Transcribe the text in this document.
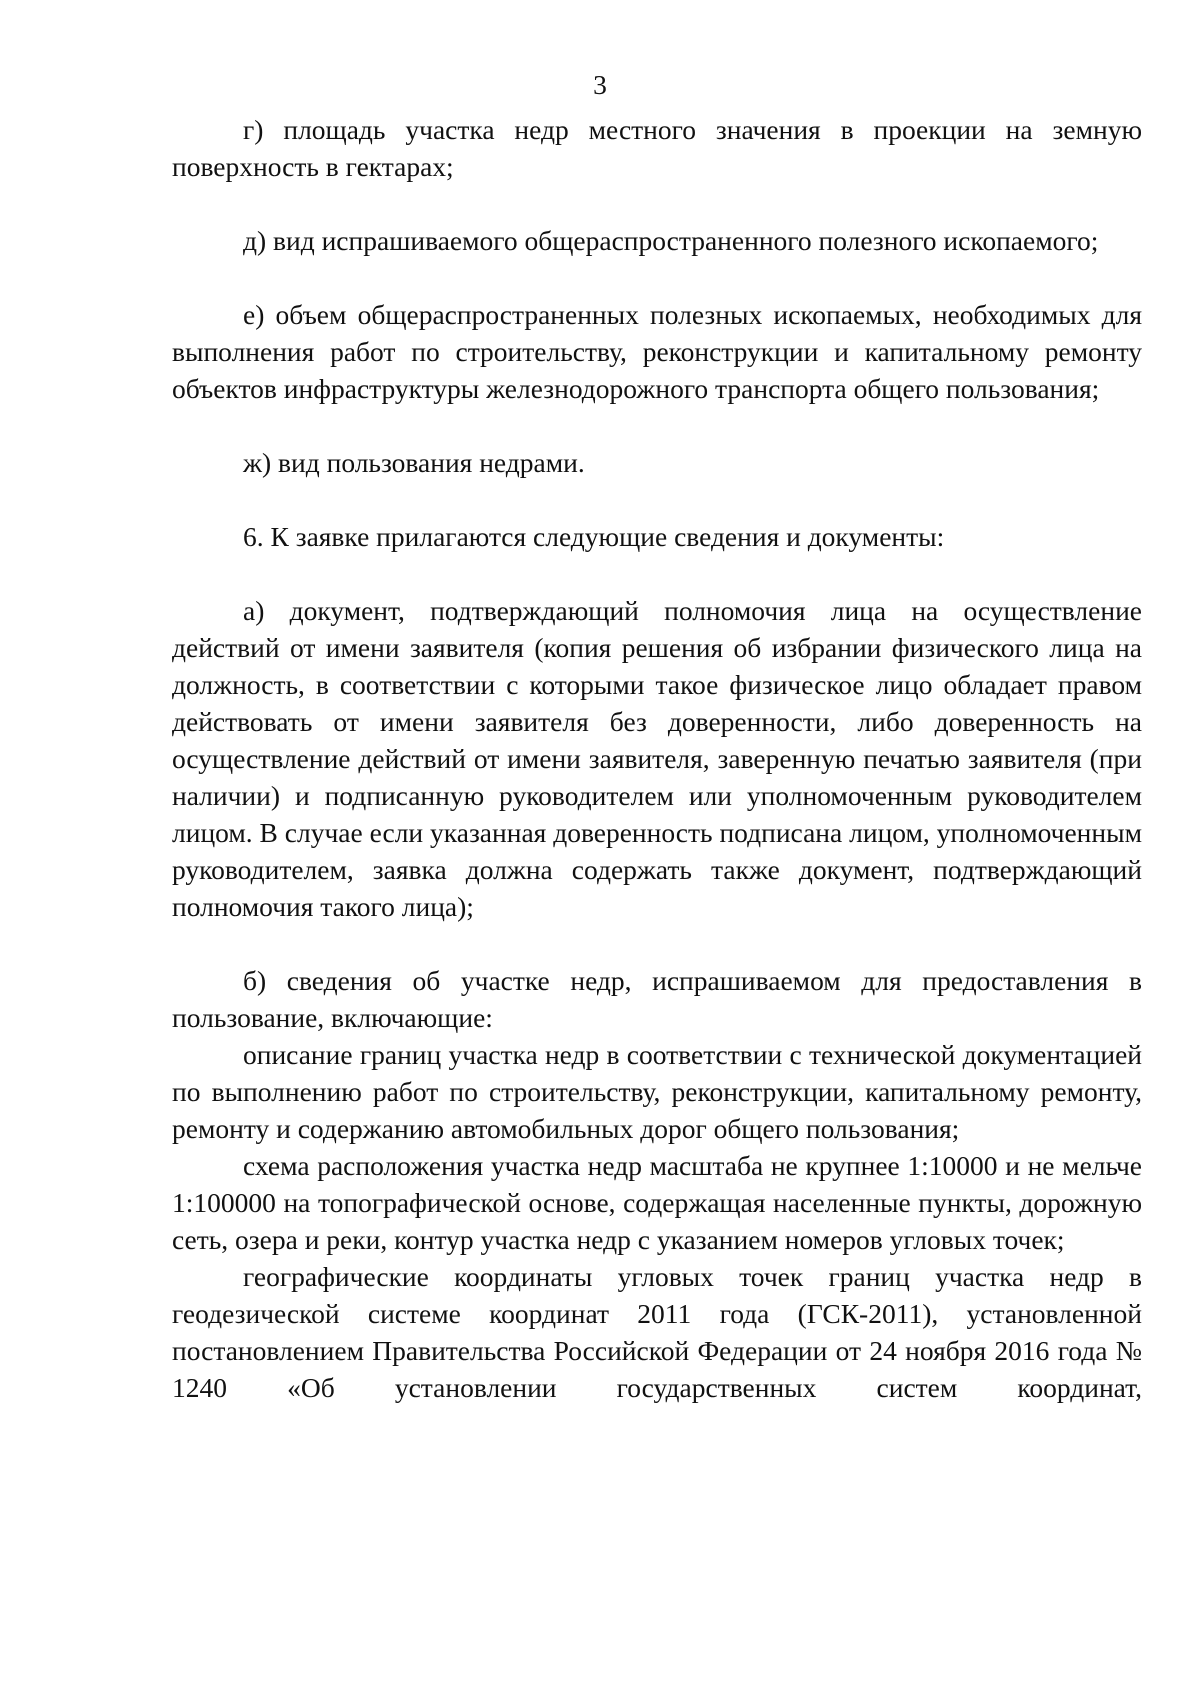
3

г) площадь участка недр местного значения в проекции на земную поверхность в гектарах;

д) вид испрашиваемого общераспространенного полезного ископаемого;

е) объем общераспространенных полезных ископаемых, необходимых для выполнения работ по строительству, реконструкции и капитальному ремонту объектов инфраструктуры железнодорожного транспорта общего пользования;

ж) вид пользования недрами.

6. К заявке прилагаются следующие сведения и документы:

а) документ, подтверждающий полномочия лица на осуществление действий от имени заявителя (копия решения об избрании физического лица на должность, в соответствии с которыми такое физическое лицо обладает правом действовать от имени заявителя без доверенности, либо доверенность на осуществление действий от имени заявителя, заверенную печатью заявителя (при наличии) и подписанную руководителем или уполномоченным руководителем лицом. В случае если указанная доверенность подписана лицом, уполномоченным руководителем, заявка должна содержать также документ, подтверждающий полномочия такого лица);

б) сведения об участке недр, испрашиваемом для предоставления в пользование, включающие:

описание границ участка недр в соответствии с технической документацией по выполнению работ по строительству, реконструкции, капитальному ремонту, ремонту и содержанию автомобильных дорог общего пользования;

схема расположения участка недр масштаба не крупнее 1:10000 и не мельче 1:100000 на топографической основе, содержащая населенные пункты, дорожную сеть, озера и реки, контур участка недр с указанием номеров угловых точек;

географические координаты угловых точек границ участка недр в геодезической системе координат 2011 года (ГСК-2011), установленной постановлением Правительства Российской Федерации от 24 ноября 2016 года № 1240 «Об установлении государственных систем координат,
